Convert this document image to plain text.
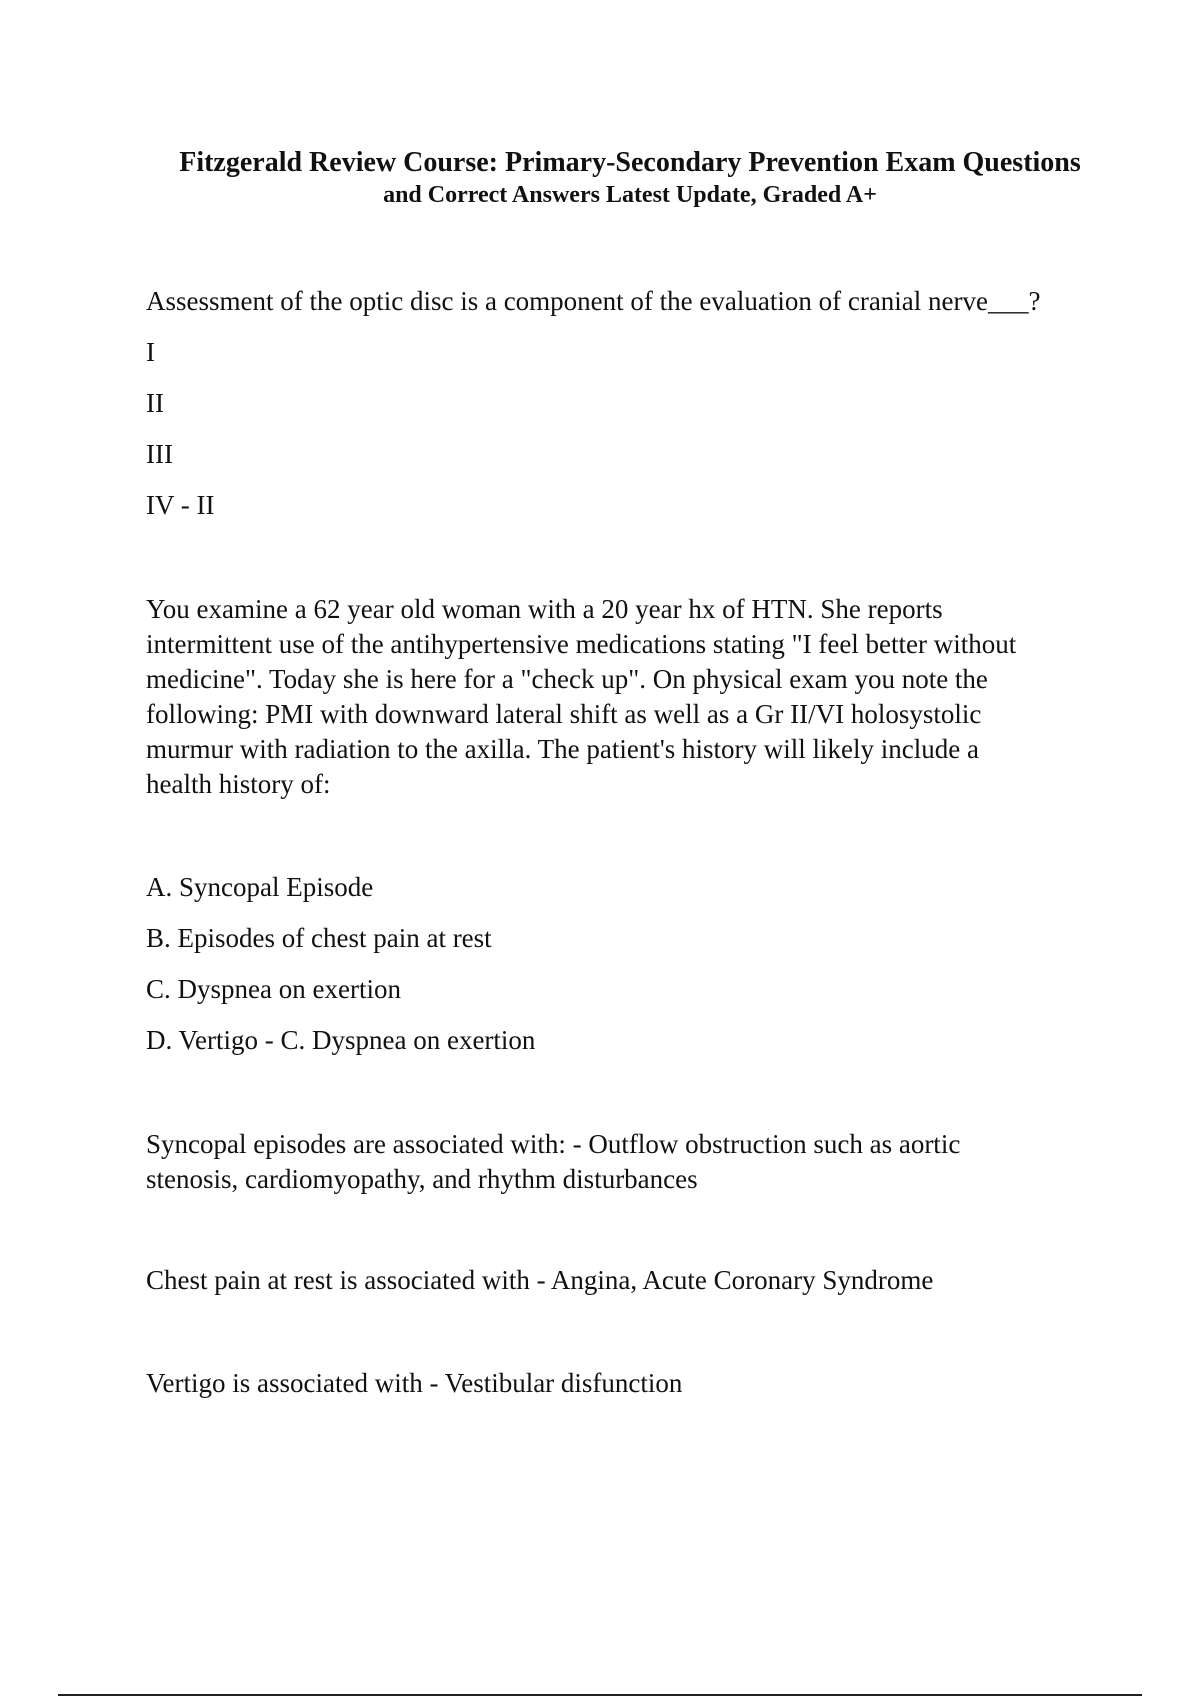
Fitzgerald Review Course: Primary-Secondary Prevention Exam Questions
and Correct Answers Latest Update, Graded A+
Assessment of the optic disc is a component of the evaluation of cranial nerve___?
I
II
III
IV - II
You examine a 62 year old woman with a 20 year hx of HTN. She reports
intermittent use of the antihypertensive medications stating "I feel better without
medicine". Today she is here for a "check up". On physical exam you note the
following: PMI with downward lateral shift as well as a Gr II/VI holosystolic
murmur with radiation to the axilla. The patient's history will likely include a
health history of:
A. Syncopal Episode
B. Episodes of chest pain at rest
C. Dyspnea on exertion
D. Vertigo - C. Dyspnea on exertion
Syncopal episodes are associated with: - Outflow obstruction such as aortic
stenosis, cardiomyopathy, and rhythm disturbances
Chest pain at rest is associated with - Angina, Acute Coronary Syndrome
Vertigo is associated with - Vestibular disfunction
